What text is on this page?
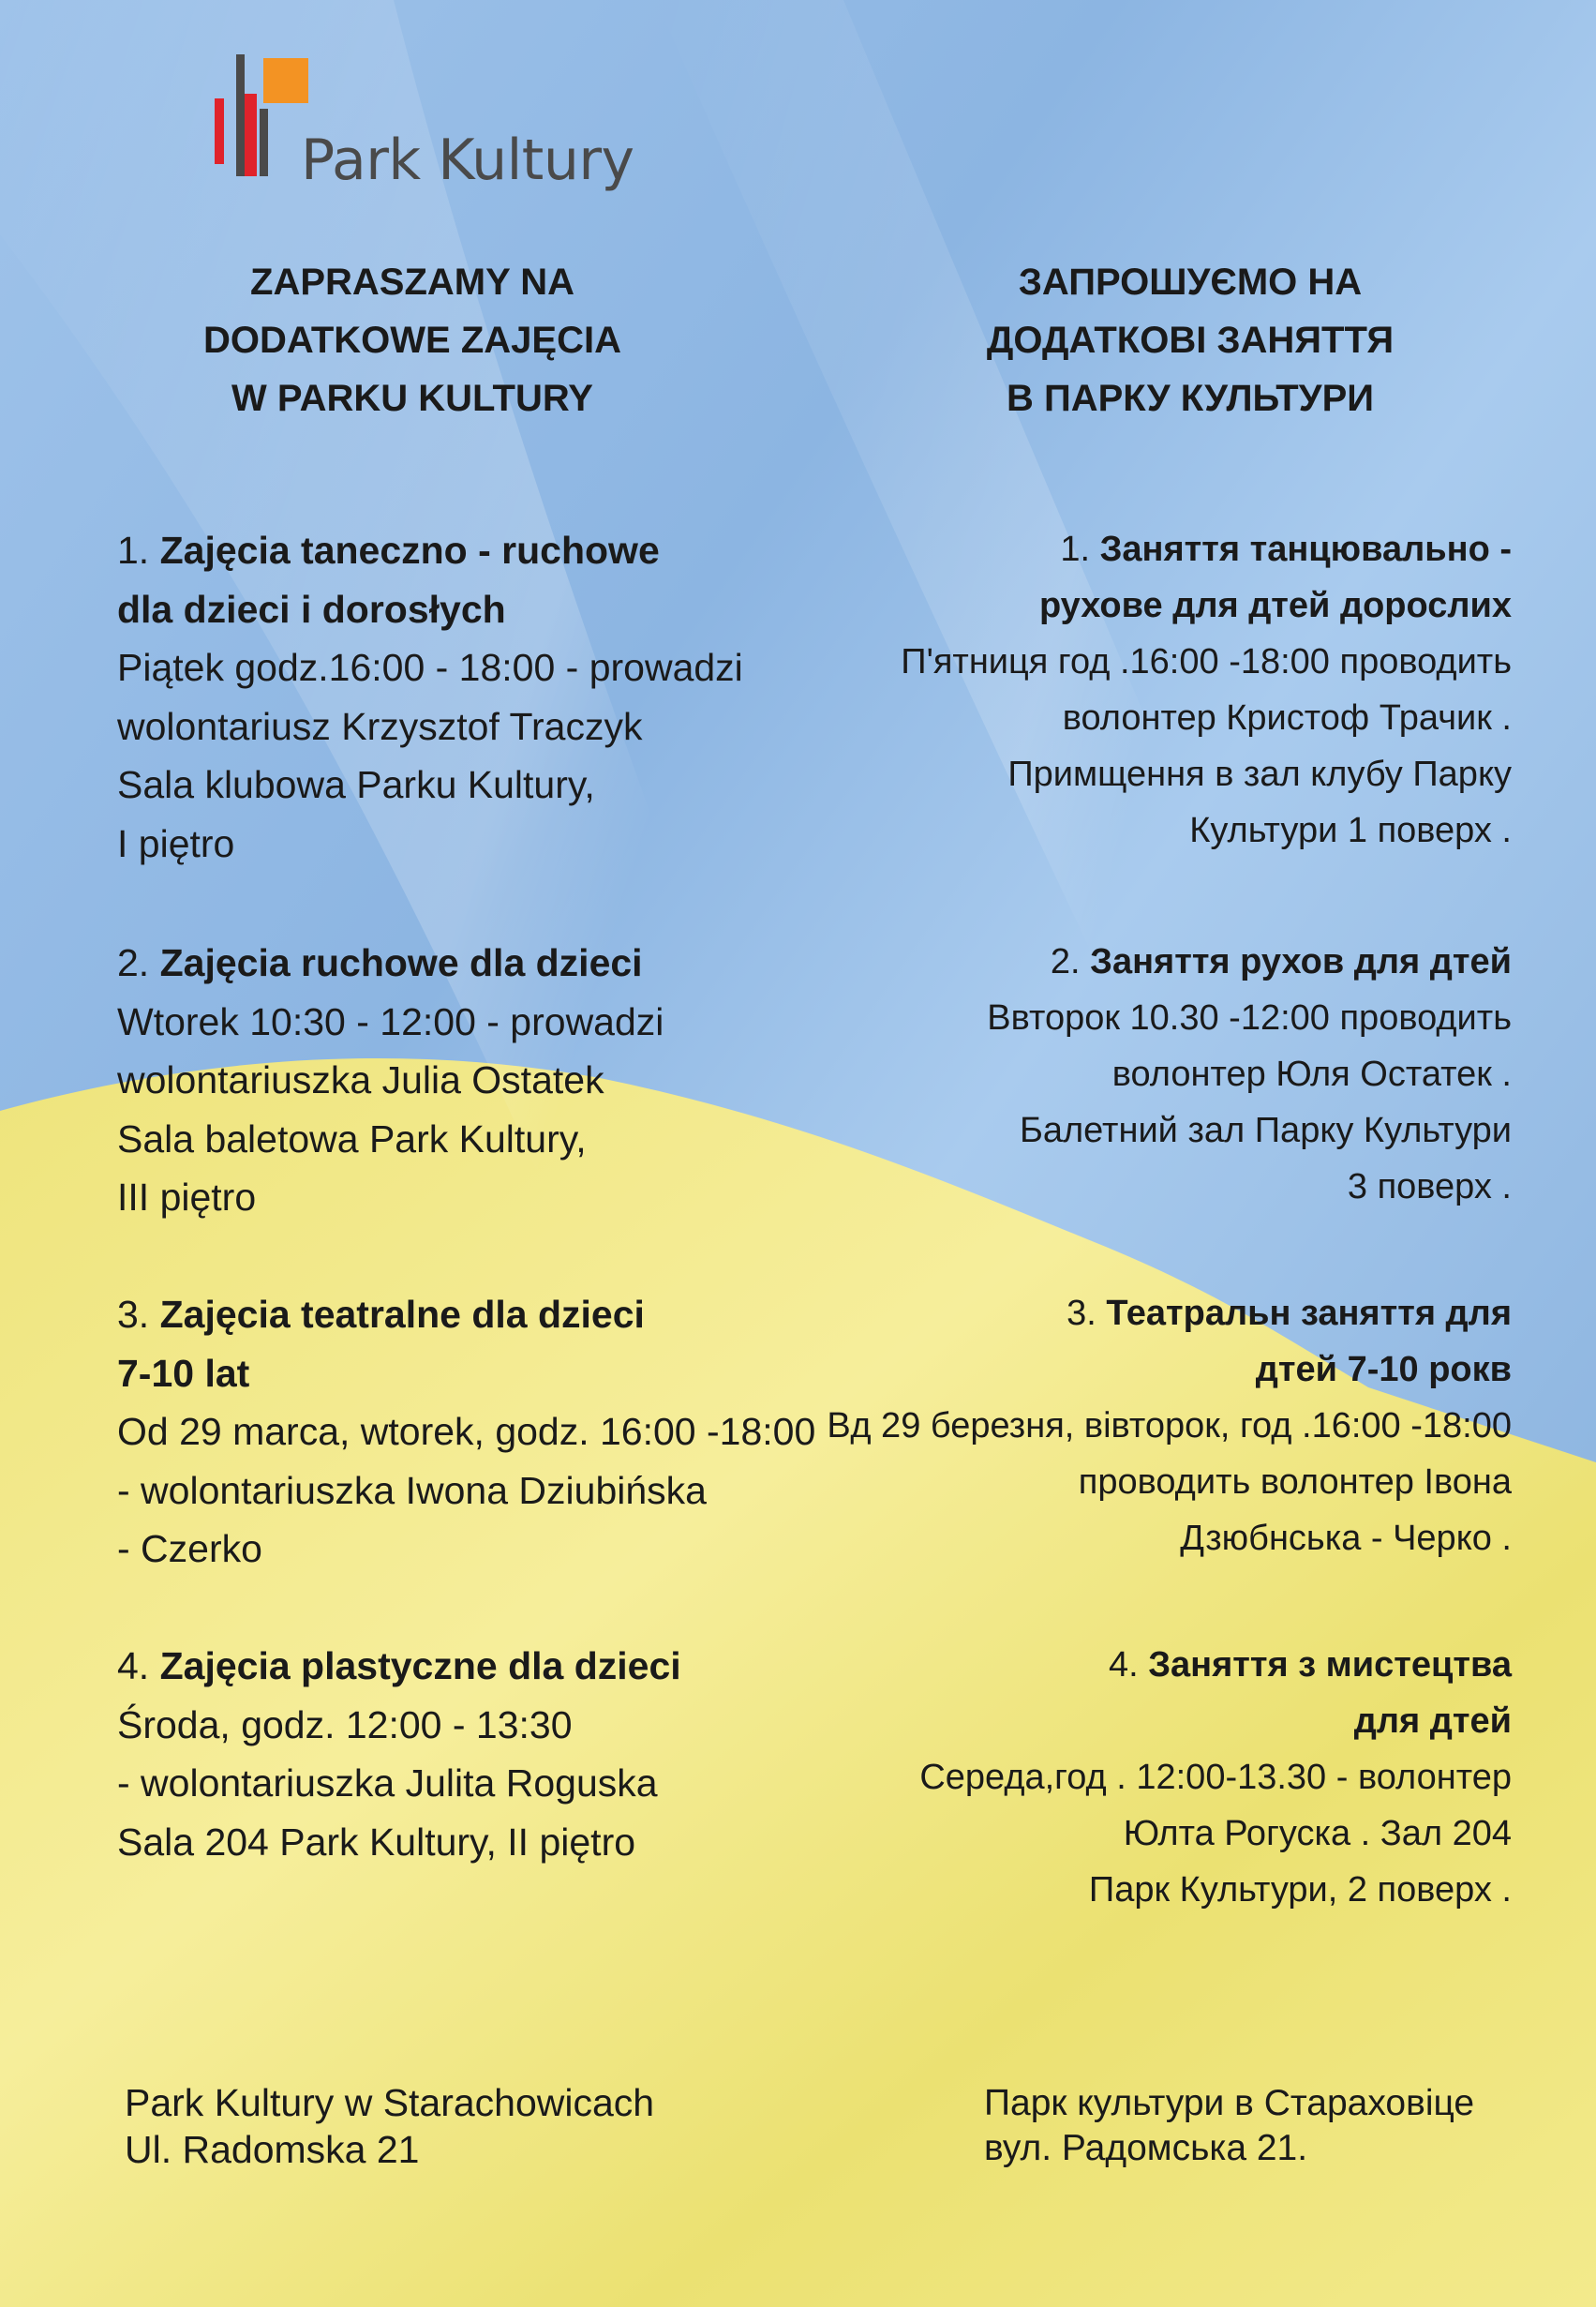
Park Kultury
ZAPRASZAMY NA
DODATKOWE ZAJĘCIA
W PARKU KULTURY
ЗАПРОШУЄМО НА
ДОДАТКОВІ ЗАНЯТТЯ
В ПАРКУ КУЛЬТУРИ
1. Zajęcia taneczno - ruchowe
dla dzieci i dorosłych
Piątek godz.16:00 - 18:00 - prowadzi
wolontariusz Krzysztof Traczyk
Sala klubowa Parku Kultury,
I piętro
2. Zajęcia ruchowe dla dzieci
Wtorek 10:30 - 12:00 - prowadzi
wolontariuszka Julia Ostatek
Sala baletowa Park Kultury,
III piętro
3. Zajęcia teatralne dla dzieci
7-10 lat
Od 29 marca, wtorek, godz. 16:00 -18:00
- wolontariuszka Iwona Dziubińska
- Czerko
4. Zajęcia plastyczne dla dzieci
Środa, godz. 12:00 - 13:30
- wolontariuszka Julita Roguska
Sala 204 Park Kultury, II piętro
1. Заняття танцювально -
рухове для дтей дорослих
П'ятниця год .16:00 -18:00 проводить
волонтер Кристоф Трачик .
Примщення в зал клубу Парку
Культури 1 поверх .
2. Заняття рухов для дтей
Ввторок 10.30 -12:00 проводить
волонтер Юля Остатек .
Балетний зал Парку Культури
3 поверх .
3. Театральн заняття для
дтей 7-10 рокв
Вд 29 березня, вівторок, год .16:00 -18:00
проводить волонтер Івона
Дзюбнська - Черко .
4. Заняття з мистецтва
для дтей
Середа,год . 12:00-13.30 - волонтер
Юлта Рогуска . Зал 204
Парк Культури, 2 поверх .
Park Kultury w Starachowicach
Ul. Radomska 21
Парк культури в Стараховіце
вул. Радомська 21.
